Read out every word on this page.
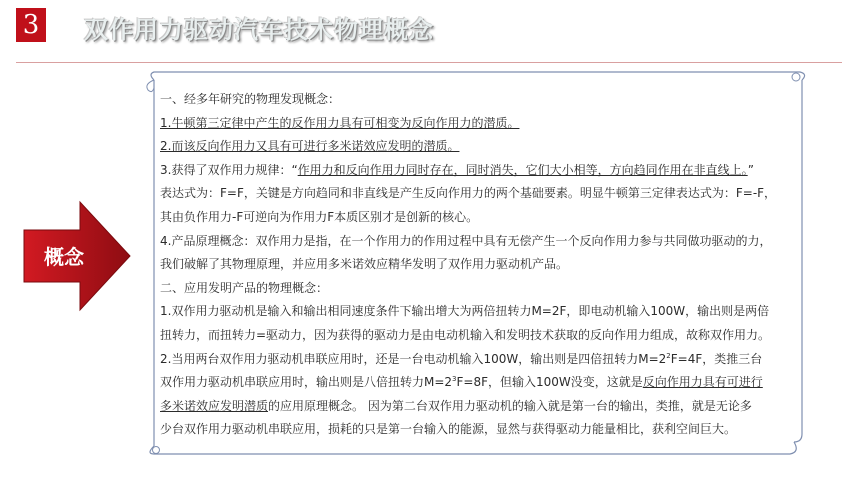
3 双作用力驱动汽车技术物理概念
概念
一、经多年研究的物理发现概念：
1.牛顿第三定律中产生的反作用力具有可相变为反向作用力的潜质。
2.而该反向作用力又具有可进行多米诺效应发明的潜质。
3.获得了双作用力规律：“作用力和反向作用力同时存在，同时消失，它们大小相等，方向趋同作用在非直线上。”
表达式为：F=F，关键是方向趋同和非直线是产生反向作用力的两个基础要素。明显牛顿第三定律表达式为：F=-F，
其由负作用力-F可逆向为作用力F本质区别才是创新的核心。
4.产品原理概念：双作用力是指，在一个作用力的作用过程中具有无偿产生一个反向作用力参与共同做功驱动的力，
我们破解了其物理原理，并应用多米诺效应精华发明了双作用力驱动机产品。
二、应用发明产品的物理概念：
1.双作用力驱动机是输入和输出相同速度条件下输出增大为两倍扭转力M=2F，即电动机输入100W，输出则是两倍
扭转力，而扭转力=驱动力，因为获得的驱动力是由电动机输入和发明技术获取的反向作用力组成，故称双作用力。
2.当用两台双作用力驱动机串联应用时，还是一台电动机输入100W，输出则是四倍扭转力$M=2^2F=4F$，类推三台
双作用力驱动机串联应用时，输出则是八倍扭转力$M=2^3F=8F$，但输入100W没变，这就是反向作用力具有可进行
多米诺效应发明潜质的应用原理概念。 因为第二台双作用力驱动机的输入就是第一台的输出，类推，就是无论多
少台双作用力驱动机串联应用，损耗的只是第一台输入的能源，显然与获得驱动力能量相比，获利空间巨大。
